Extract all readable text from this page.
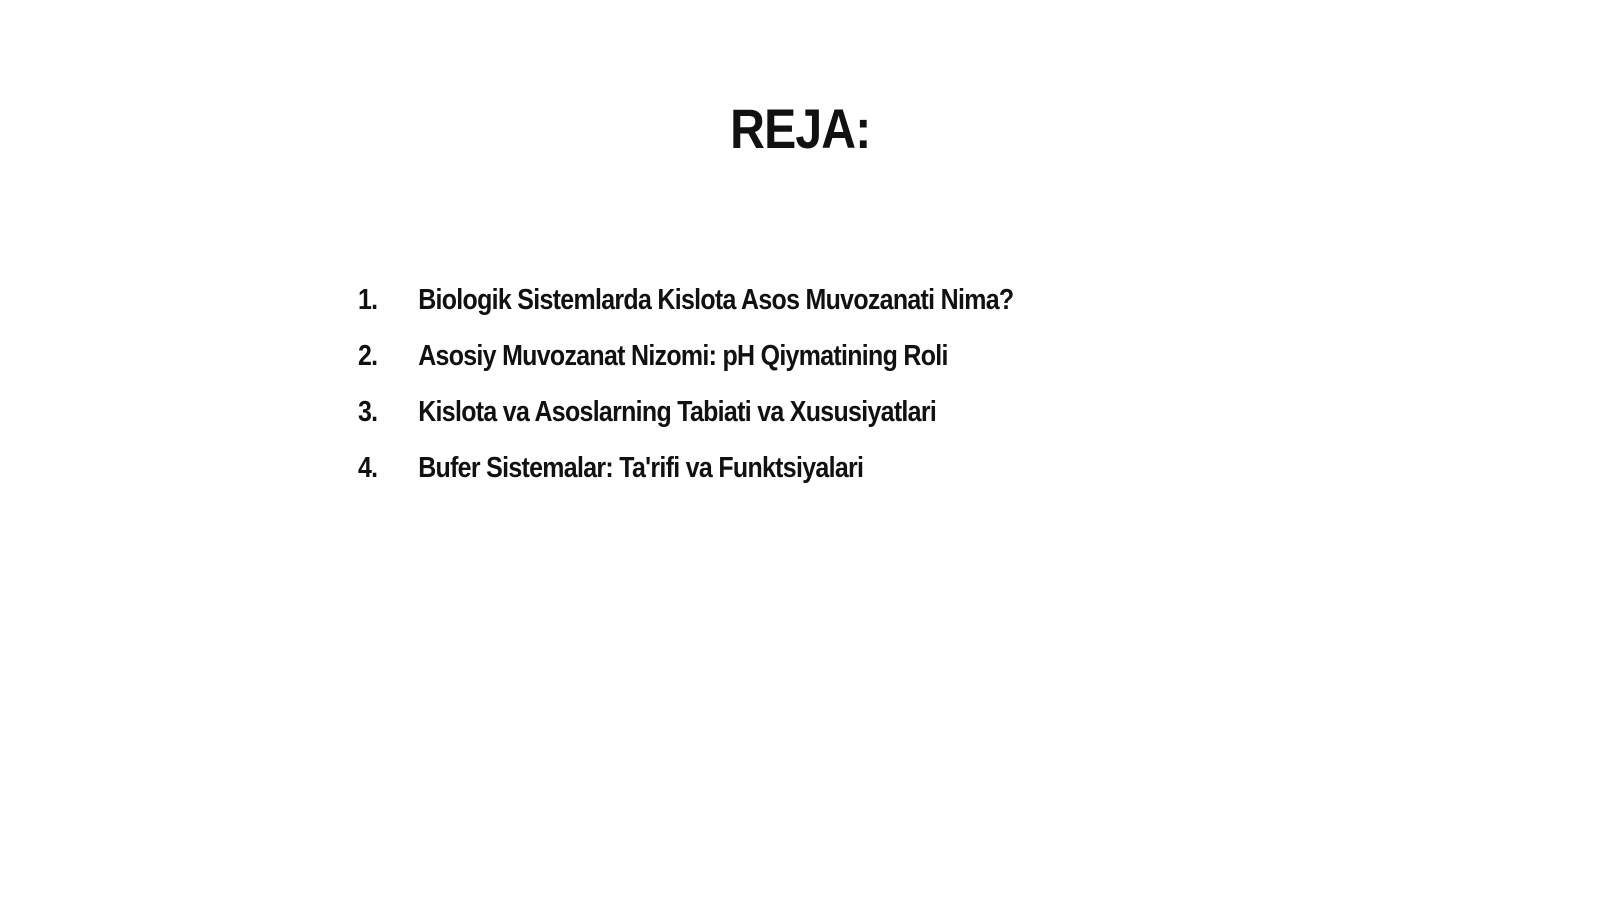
REJA:
1.	Biologik Sistemlarda Kislota Asos Muvozanati Nima?
2.	Asosiy Muvozanat Nizomi: pH Qiymatining Roli
3.	Kislota va Asoslarning Tabiati va Xususiyatlari
4.	Bufer Sistemalar: Ta'rifi va Funktsiyalari
